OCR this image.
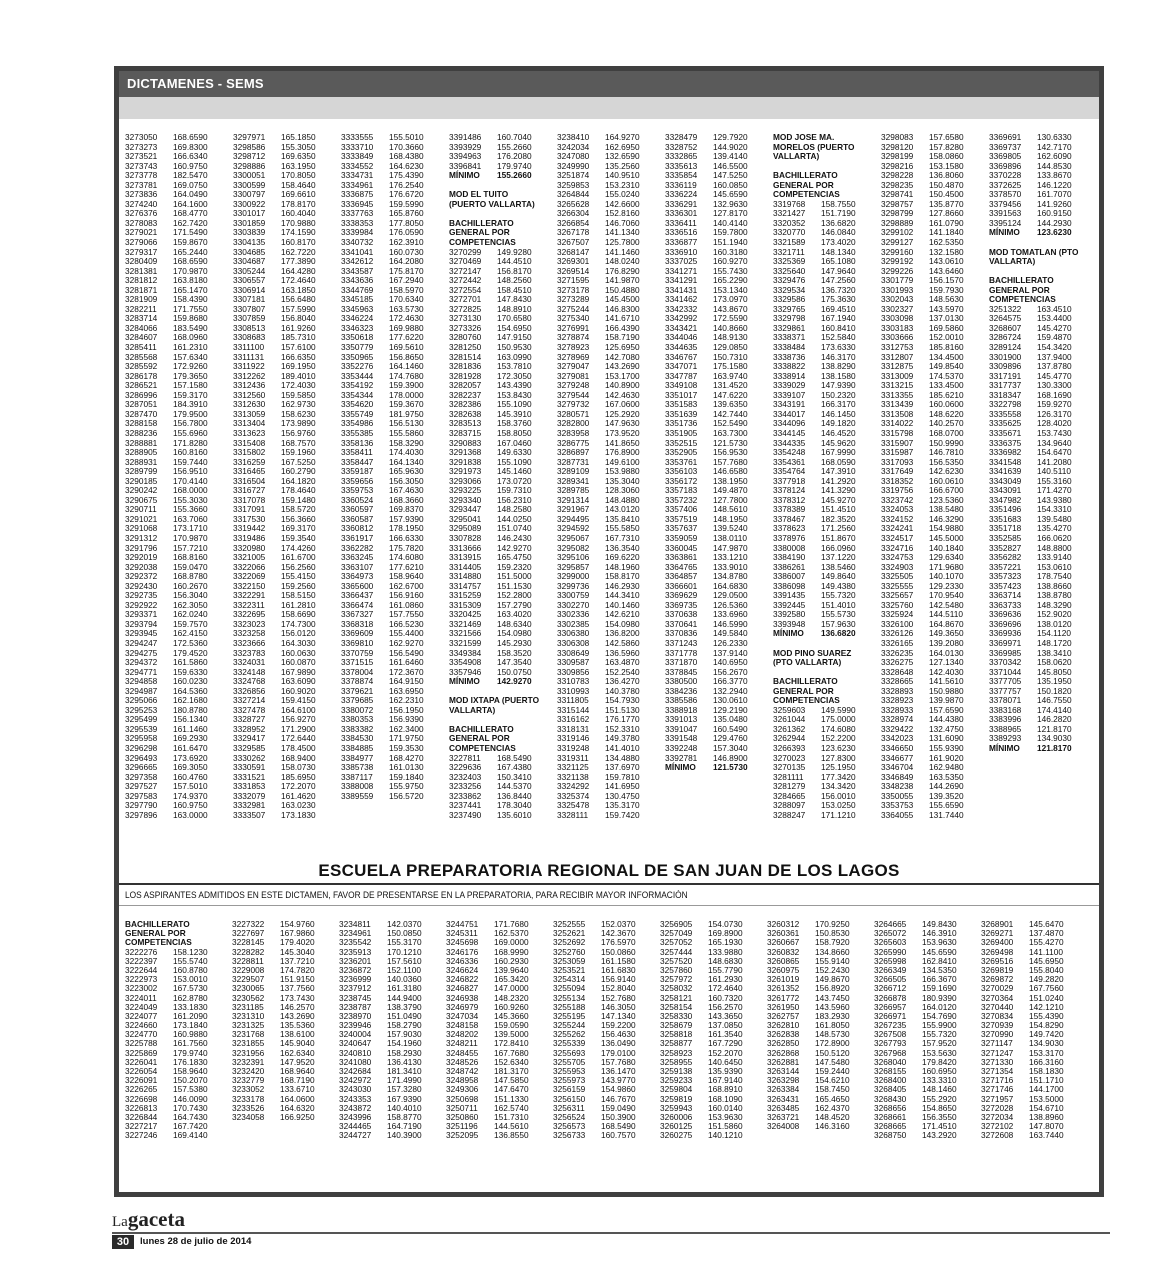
DICTAMENES - SEMS
3273050 168.6590
3273273 169.8300
3273521 166.6340
3273743 160.9750
3273778 182.5470
3273781 169.0750
3273836 164.0490
3274240 164.1600
3276376 168.4770
3278083 162.7420
3279021 171.5490
3279066 159.8670
3279317 165.2440
3280409 168.6590
3281381 170.9870
3281812 163.8180
3281871 165.1470
3281909 158.4390
3282211 171.7550
3283714 159.8680
3284066 183.5490
3284607 168.0960
3285411 161.2310
3285568 157.6340
3285592 172.9260
3286178 179.3650
3286521 157.1580
3286996 159.3170
3287051 184.3910
3287470 179.9500
3288158 156.7800
3288236 155.6960
3288881 171.8280
3288905 160.8160
3288931 159.7440
3289799 156.9510
3290185 170.4140
3290242 168.0000
3290675 155.3030
3290711 155.3660
3291021 163.7060
3291068 173.1710
3291312 170.9870
3291796 157.7210
3292019 168.8160
3292038 159.0470
3292372 168.8780
3292430 160.2670
3292735 156.3040
3292922 162.3050
3293371 162.0240
3293794 159.7570
3293945 162.4150
3294247 172.5360
3294275 179.4520
3294372 161.5860
3294771 159.6330
3294858 160.0230
3294987 164.5360
3295066 162.1680
3295253 180.8780
3295499 156.1340
3295539 161.1460
3295958 169.2930
3296298 161.6470
3296493 173.6920
3296665 169.3050
3297358 160.4760
3297527 157.5010
3297583 174.9370
3297790 160.9750
3297896 163.0000
3297971 165.1850
3298586 155.3050
3298712 169.6350
3298886 163.1950
3300051 170.8050
3300599 158.4640
3300797 169.6610
3300922 178.8170
3301017 160.4040
3301859 170.9880
3303839 174.1590
3304135 160.8170
3304685 162.7220
3304687 177.3890
3305244 164.4280
3306557 172.4640
3306914 163.1850
3307181 156.6480
3307807 157.5990
3307859 156.8040
3308513 161.9260
3308683 185.7310
3311100 157.6100
3311131 166.6350
3311922 169.1950
3312262 189.4010
3312436 172.4030
3312560 159.5850
3312630 162.9730
3313059 158.6230
3313404 173.9890
3313623 156.9760
3315408 168.7570
3315802 159.1960
3316259 167.5250
3316465 160.2790
3316504 164.1820
3316727 178.4640
3317078 159.1480
3317091 158.5720
3317530 156.3660
3319442 169.3170
3319486 159.3540
3320980 174.4260
3321005 161.6700
3322066 156.2560
3322069 155.4150
3322150 159.2560
3322291 158.5150
3322311 161.2810
3322695 158.6690
3323023 174.7300
3323258 156.0120
3323666 164.3030
3323783 160.0630
3324031 160.0870
3324148 167.9890
3324768 163.6090
3326856 160.9020
3327214 159.4150
3327478 164.6100
3328727 156.9270
3328952 171.2900
3329417 172.6440
3329585 178.4500
3330262 168.9400
3330591 158.0730
3331521 185.6950
3331853 172.2070
3332079 161.4620
3332981 163.0230
3333507 173.1830
3333555 155.5010
3333710 170.3660
3333849 168.4380
3334552 164.6230
3334731 175.4390
3334961 176.2540
3336875 176.6720
3336945 159.5990
3337763 165.8760
3338353 177.8050
3339984 176.0590
3340732 162.3910
3341041 160.0730
3342612 164.2080
3343587 175.8170
3343636 167.2940
3344769 158.5970
3345185 170.6340
3345963 163.5730
3346224 172.4630
3346323 169.9880
3350618 177.6220
3350779 169.5610
3350965 156.8650
3352276 164.1460
3353444 174.7680
3354192 159.3900
3354344 178.0000
3354620 159.3670
3355749 181.9750
3354986 156.5130
3355385 155.5860
3358136 158.3290
3358411 174.4030
3358447 164.1340
3359187 165.9630
3359656 156.3050
3359753 167.4630
3360524 168.3660
3360597 169.8370
3360587 157.9390
3360812 178.1950
3361917 166.6330
3362282 175.7820
3363245 174.6080
3363107 177.6210
3364973 158.9640
3365600 162.6700
3366437 156.9160
3366474 161.0860
3367327 157.7550
3368318 166.5230
3369609 155.4400
3369810 162.9270
3370759 156.5490
3371515 161.6460
3378004 172.3670
3378874 164.9150
3379621 163.6950
3379685 162.2310
3380072 156.1950
3380353 156.9390
3383382 162.3400
3384530 171.9750
3384885 159.3530
3384977 168.4270
3385738 161.0130
3387117 159.1840
3388008 155.9750
3389559 156.5720
3391486 160.7040
3393929 155.2660
3394963 176.2080
3396841 179.9740
MÍNIMO 155.2660
MOD EL TUITO
(PUERTO VALLARTA)
BACHILLERATO
GENERAL POR
COMPETENCIAS
3270299 149.9280
3270469 144.4510
3272147 156.8170
3272442 148.2560
3272554 158.4510
3272701 147.8430
3272825 148.8910
3273130 170.6580
3273326 154.6950
3280760 147.9150
3281250 150.9530
3281514 163.0990
3281836 153.7810
3281928 172.3050
3282057 143.4390
3282237 153.8430
3282386 155.1090
3282638 145.3910
3283513 158.3760
3283715 158.8050
3290883 167.0460
3291368 149.6330
3291838 155.1090
3291973 145.1460
3293066 173.0720
3293225 159.7310
3293340 156.2310
3293447 148.2580
3295041 144.0250
3295089 151.0740
3307828 146.2430
3313666 142.9270
3313915 165.4750
3314405 159.2320
3314880 151.5000
3314757 151.1530
3315259 152.2800
3315309 157.2790
3320425 163.4020
3321469 148.6340
3321566 154.0980
3321599 145.2930
3349384 158.3520
3354908 147.3540
3357946 150.0750
MÍNIMO 142.9270
MOD IXTAPA (PUERTO
VALLARTA)
BACHILLERATO
GENERAL POR
COMPETENCIAS
3227811 168.5490
3229636 167.4380
3232403 150.3410
3233256 144.5370
3233862 136.8440
3237441 178.3040
3237490 135.6010
3238410 164.9270
3242034 162.6950
3247080 132.6590
3249990 135.2560
3251874 140.9510
3259853 153.2310
3264844 155.0240
3265628 142.6600
3266304 152.8160
3266854 146.7060
3267178 141.1340
3267507 125.7800
3268147 141.1460
3269301 148.0240
3269514 176.8290
3271595 141.9870
3273178 150.4880
3273289 145.4500
3275244 146.8300
3275340 141.6710
3276991 166.4390
3278874 158.7190
3278923 125.6950
3278969 142.7080
3279047 143.2690
3279081 153.1700
3279248 140.8900
3279544 142.4630
3279732 167.0600
3280571 125.2920
3282800 147.9630
3283958 173.9520
3286775 141.8650
3286897 176.8900
3287731 149.6100
3289109 153.9880
3289341 135.3040
3289785 128.3060
3291314 148.4880
3291967 143.0120
3294495 135.8410
3294592 155.5850
3295067 167.7310
3295082 136.3540
3295106 169.6220
3295857 148.1960
3299000 158.8170
3299736 146.2930
3300759 144.3410
3302270 140.1460
3302336 142.6210
3302385 154.0980
3306380 136.8200
3306308 142.5860
3308649 136.5960
3309587 163.4870
3309856 152.2540
3310783 136.4270
3310993 140.3780
3311805 154.7930
3315144 151.5130
3316162 176.1770
3318131 152.3310
3319146 149.3780
3319248 141.4010
3319311 134.4880
3321125 137.6970
3321138 159.7810
3324292 141.6950
3325374 130.4750
3325478 135.3170
3328111 159.7420
3328479 129.7920
3328752 144.9020
3332865 139.4140
3335613 146.5500
3335854 147.5250
3336119 160.0850
3336224 145.6590
3336291 132.9630
3336301 127.8170
3336411 140.4140
3336516 159.7800
3336877 151.1940
3336910 160.3180
3337025 160.9270
3341271 155.7430
3341291 165.2290
3341431 153.1340
3341462 173.0970
3342332 143.8670
3342992 172.5590
3343421 140.8660
3344046 148.9130
3344635 129.0850
3346767 150.7310
3347071 175.1580
3347787 163.9740
3349108 131.4520
3351017 147.6220
3351583 139.6350
3351639 142.7440
3351736 152.5490
3351905 163.7300
3352515 121.5730
3352905 156.9530
3353761 157.7680
3356103 146.6580
3356172 138.1950
3357183 149.4870
3357232 127.7800
3357406 148.5610
3357519 148.1950
3357637 139.5240
3359059 138.0110
3360045 147.9870
3363861 133.1210
3364765 133.9010
3364857 134.8780
3366601 164.6830
3369629 129.0500
3369735 126.5360
3370638 133.6960
3370641 146.5990
3370836 149.5840
3371243 126.2330
3371778 137.9140
3371870 140.6950
3378845 156.2670
3380500 166.3770
3384236 132.2940
3385586 130.0610
3388918 129.2190
3391013 135.0480
3391047 160.5490
3391548 129.4760
3392248 157.3040
3392781 146.8900
MÍNIMO 121.5730
MOD JOSE MA.
MORELOS (PUERTO
VALLARTA)
BACHILLERATO
GENERAL POR
COMPETENCIAS
3319768 158.7550
3321427 151.7190
3320352 136.6820
3320770 146.0840
3321589 173.4020
3321711 148.1340
3325369 165.1080
3325640 147.9640
3329476 147.2560
3329534 136.7320
3329586 175.3630
3329765 169.4510
3329798 167.1940
3329861 160.8410
3338371 152.5840
3338484 173.6330
3338736 146.3170
3338822 138.8290
3338914 138.1580
3339029 147.9390
3339107 150.2320
3343191 166.3170
3344017 146.1450
3344096 149.1820
3344145 146.4520
3344335 145.9620
3354248 167.9990
3354361 168.0590
3354764 147.3910
3377918 141.2920
3378124 141.3290
3378312 145.9270
3378389 151.4510
3378467 182.3520
3378623 171.2560
3378976 151.8670
3380008 166.0960
3384190 137.1220
3386261 138.5460
3386007 149.8640
3386098 149.4380
3391435 155.7320
3392445 151.4010
3392580 155.5730
3393948 157.9630
MÍNIMO 136.6820
MOD PINO SUAREZ
(PTO VALLARTA)
BACHILLERATO
GENERAL POR
COMPETENCIAS
3259603 149.5990
3261044 175.0000
3261362 174.6080
3262944 152.2200
3266393 123.6230
3270023 127.8300
3270135 125.1950
3281111 177.3420
3281279 134.3420
3284665 156.0010
3288097 153.0250
3288247 171.1210
3298083 157.6580
3298120 157.8280
3298199 158.0860
3298216 153.1580
3298228 136.8060
3298235 150.4870
3298741 150.4500
3298757 135.8770
3298799 127.8660
3298889 161.0790
3299102 141.1840
3299127 162.5350
3299160 132.1580
3299192 143.0610
3299226 143.6460
3301779 156.1570
3301993 159.7930
3302043 148.5630
3302327 143.5970
3303098 137.0130
3303183 169.5860
3303666 152.0010
3312753 185.8160
3312807 134.4500
3312875 149.8540
3313009 174.5370
3313215 133.4500
3313355 185.6210
3313439 160.0600
3313508 148.6220
3314022 140.2570
3315798 168.0700
3315907 150.9990
3315987 146.7810
3317093 156.5350
3317649 142.6230
3318352 160.0610
3319756 166.6700
3323742 123.5360
3324053 138.5480
3324152 146.3290
3324241 154.9880
3324517 145.5000
3324716 140.1840
3324753 129.6340
3324903 171.9680
3325505 140.1070
3325555 129.2330
3325657 170.9540
3325760 142.5480
3325924 144.5110
3326100 164.8670
3326126 149.3650
3326165 139.2080
3326235 164.0130
3326275 127.1340
3328648 142.4030
3328665 141.5610
3328893 150.9880
3328923 139.9870
3328933 157.6590
3328974 144.4380
3329422 132.4750
3342023 131.6090
3346650 155.9390
3346677 161.9020
3346704 162.9480
3346849 163.5350
3348238 144.2690
3350055 139.3520
3353753 155.6590
3364055 131.7440
3369691 130.6330
3369737 142.7170
3369805 162.6090
3369896 144.8530
3370228 133.8670
3372625 146.1220
3378570 161.7070
3379456 141.9260
3391563 160.9150
3395124 144.2930
MÍNIMO 123.6230
MOD TOMATLAN (PTO
VALLARTA)
BACHILLERATO
GENERAL POR
COMPETENCIAS
3251322 163.4510
3264575 153.4400
3268607 145.4270
3286724 159.4870
3289124 154.3420
3301900 137.9400
3309896 137.8780
3317191 145.4770
3317737 130.3300
3318347 168.1690
3322798 159.9270
3335558 126.3170
3335625 128.4020
3335671 153.7430
3336375 134.9640
3336982 154.6470
3341548 141.2080
3341639 140.5110
3343049 155.3160
3343091 171.4270
3347982 143.9380
3351496 154.3310
3351683 139.5480
3351718 135.4270
3352585 166.0620
3352827 148.8800
3356282 133.9140
3357221 153.0610
3357323 178.7540
3357423 138.8660
3363714 138.8780
3363733 148.3290
3369636 152.9020
3369696 138.0120
3369936 154.1120
3369971 148.1720
3369985 138.3410
3370342 158.0620
3371044 145.8050
3377705 135.1950
3377757 150.1820
3378071 146.7550
3383168 174.4140
3383996 146.2820
3388965 121.8170
3389293 134.9030
MÍNIMO 121.8170
ESCUELA PREPARATORIA REGIONAL DE SAN JUAN DE LOS LAGOS
LOS ASPIRANTES ADMITIDOS EN ESTE DICTAMEN, FAVOR DE PRESENTARSE EN LA PREPARATORIA, PARA RECIBIR MAYOR INFORMACIÓN
BACHILLERATO
GENERAL POR
COMPETENCIAS
3222276 158.1230
3222397 155.5740
3222644 160.8780
3222973 153.0010
3223002 167.5730
3224011 162.8780
3224049 133.1830
3224077 161.2090
3224660 173.1840
3224770 160.9880
3225788 161.7560
3225869 179.9740
3226041 176.1830
3226054 158.9640
3226091 150.2070
3226265 157.5380
3226698 146.0090
3226813 170.7430
3226844 164.7430
3227217 167.7420
3227246 169.4140
3227322 154.9760
3227697 167.9860
3228145 179.4020
3228282 145.3040
3228811 137.7210
3229008 174.7820
3229507 151.9150
3230065 137.7560
3230562 173.7430
3231185 146.2570
3231310 143.2690
3231325 135.5360
3231768 138.6100
3231855 145.9040
3231956 162.6340
3232391 147.9520
3232420 168.9640
3232779 168.7190
3233052 133.6710
3233178 164.0600
3233526 164.6320
3234058 166.9250
3234811 142.0370
3234961 150.0850
3235542 155.3170
3235913 170.1210
3236201 157.5610
3236872 152.1100
3236999 140.0360
3237912 161.3180
3238745 144.9400
3238787 138.3790
3238970 151.0490
3239946 158.2790
3240004 157.9030
3240647 154.1960
3240810 158.2930
3241080 136.4130
3242684 181.3410
3242972 171.4990
3243030 157.3280
3243353 167.9390
3243872 140.4010
3243996 158.8770
3244465 164.7190
3244727 140.3900
3244751 171.7680
3245311 162.5370
3245698 169.0000
3246176 168.9990
3246336 160.2930
3246624 139.9640
3246822 165.3420
3246827 147.0000
3246938 148.2320
3246979 160.9260
3247034 145.3660
3248158 159.0590
3248202 139.5000
3248211 172.8410
3248455 167.7680
3248526 152.6340
3248742 181.3170
3248958 147.5850
3249306 147.6470
3250698 151.1330
3250711 162.5740
3250860 151.7310
3251196 144.5610
3252095 136.8550
3252555 152.0370
3252621 142.3670
3252692 176.5970
3252760 150.0860
3253059 161.1580
3253521 161.6830
3254314 156.9140
3255094 152.8040
3255134 152.7680
3255188 146.3050
3255195 147.1340
3255244 159.2200
3255262 156.4630
3255339 136.0490
3255693 179.0100
3255705 157.7680
3255953 136.1470
3255973 143.9770
3256159 154.9860
3256150 146.7670
3256311 159.0490
3256524 150.3900
3256573 168.5490
3256733 160.7570
3256905 154.0730
3257049 169.8900
3257052 165.1930
3257444 133.9880
3257520 148.6830
3257860 155.7790
3257972 161.2930
3258032 172.4640
3258121 160.7320
3258154 156.2570
3258330 143.3650
3258679 137.0850
3258818 161.3540
3258877 167.7290
3258923 152.2070
3258955 140.6450
3259138 135.9390
3259233 167.9140
3259804 168.8910
3259819 168.1090
3259943 160.0140
3260006 153.9630
3260125 151.5860
3260275 140.1210
3260312 170.9250
3260361 150.8530
3260667 158.7920
3260832 134.8660
3260865 155.9140
3260975 152.2430
3261019 149.8670
3261352 156.8920
3261772 143.7450
3261950 143.5960
3262757 183.2930
3262810 161.8050
3262838 148.5730
3262850 172.8900
3262868 150.5120
3262881 147.5480
3263144 159.2440
3263298 154.6210
3263384 158.7450
3263431 165.4650
3263485 162.4370
3263721 148.4520
3264008 146.3160
3264665 149.8430
3265072 146.3910
3265603 153.9630
3265990 145.6590
3265998 162.8410
3266349 134.5350
3266505 166.3670
3266712 159.1690
3266878 180.9390
3266957 164.0120
3266971 154.7690
3267235 155.9900
3267508 155.7320
3267793 157.9520
3267968 153.5630
3268040 179.8420
3268155 160.6950
3268400 133.3310
3268405 148.1460
3268430 155.2920
3268656 154.8650
3268661 156.3550
3268665 171.4510
3268750 143.2920
3268901 145.6470
3269271 137.4870
3269400 155.4270
3269498 141.1100
3269516 145.6950
3269819 155.8040
3269872 149.2820
3270029 167.7560
3270364 151.0240
3270440 142.1210
3270834 155.4390
3270939 154.8290
3270990 149.7420
3271147 134.9030
3271247 153.3170
3271330 166.3160
3271354 158.1830
3271716 151.1710
3271746 144.1700
3271957 153.5000
3272028 154.6710
3272034 138.8960
3272102 147.8070
3272608 163.7440
Lagaceta
30	lunes 28 de julio de 2014
